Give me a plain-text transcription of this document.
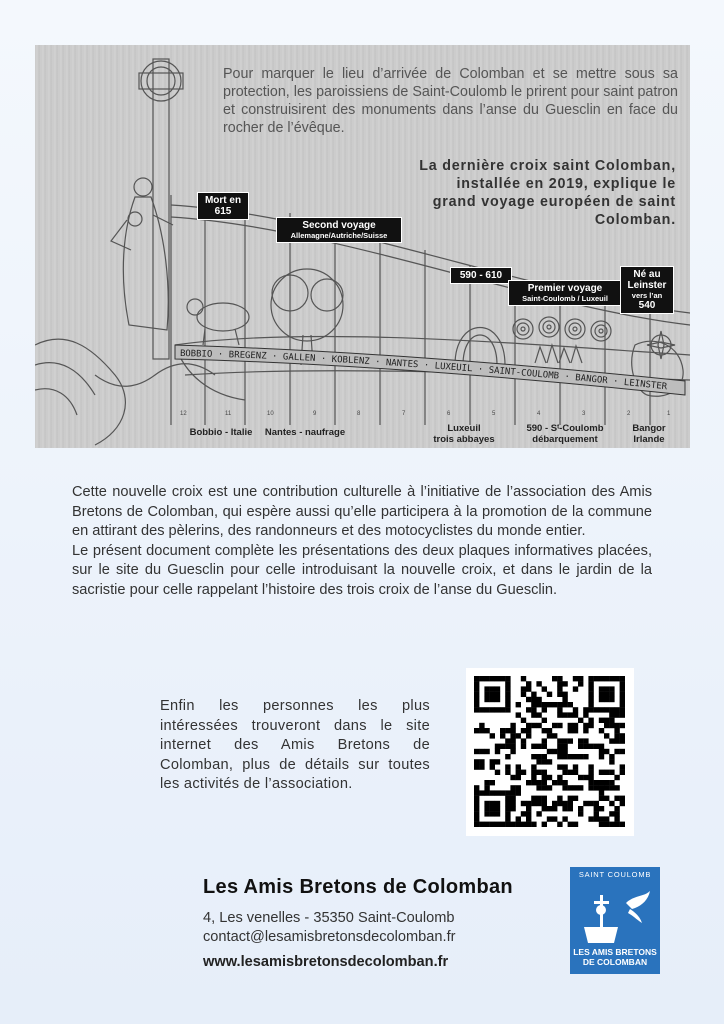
BOBBIO · BREGENZ · GALLEN · KOBLENZ · NANTES · LUXEUIL · SAINT-COULOMB · BANGOR · LEINSTER
12	11	10	9	8	7	6	5	4	3	2	1
Pour marquer le lieu d’arrivée de Colomban et se mettre sous sa protection, les paroissiens de Saint-Coulomb le prirent pour saint patron et construisirent des monuments dans l’anse du Guesclin en face du rocher de l’évêque.
La dernière croix saint Colomban, installée en 2019, explique le grand voyage européen de saint Colomban.
Mort en
615
Second voyage
Allemagne/Autriche/Suisse
590 - 610
Premier voyage
Saint-Coulomb / Luxeuil
Né au
Leinster
vers l’an
540
Bobbio - Italie	Nantes - naufrage	Luxeuil
trois abbayes
590 - Sᵗ-Coulomb
débarquement
Bangor
Irlande

Cette nouvelle croix est une contribution culturelle à l’initiative de l’association des Amis Bretons de Colomban, qui espère aussi qu’elle participera à la promotion de la commune en attirant des pèlerins, des randonneurs et des motocyclistes du monde entier.

Le présent document complète les présentations des deux plaques informatives placées, sur le site du Guesclin pour celle introduisant la nouvelle croix, et dans le jardin de la sacristie pour celle rappelant l’histoire des trois croix de l’anse du Guesclin.

Enfin les personnes les plus intéressées trouveront dans le site internet des Amis Bretons de Colomban, plus de détails sur toutes les activités de l’association.
Les Amis Bretons de Colomban
4, Les venelles - 35350 Saint-Coulomb
contact@lesamisbretonsdecolomban.fr
www.lesamisbretonsdecolomban.fr
SAINT COULOMB
LES AMIS BRETONS
DE COLOMBAN
